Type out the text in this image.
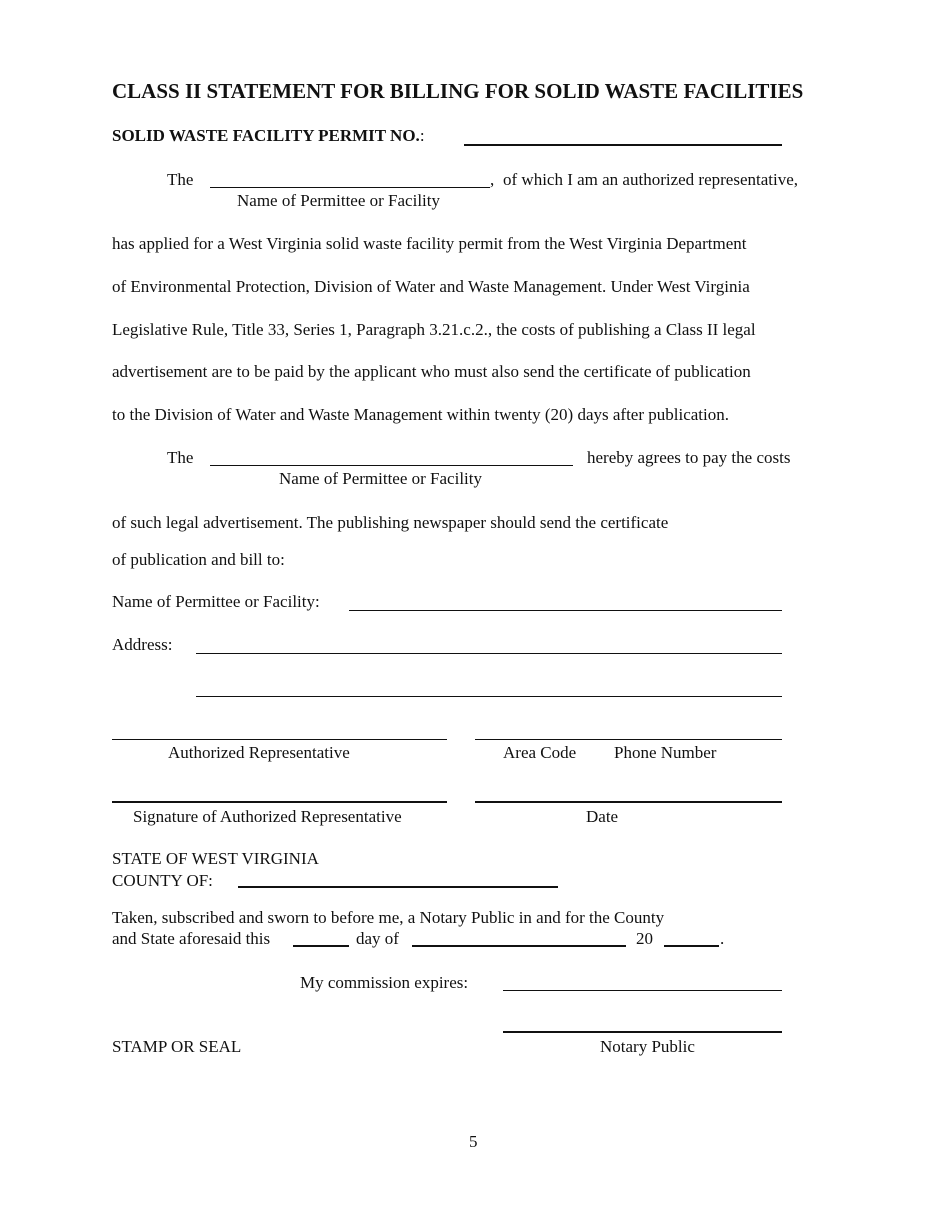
CLASS II STATEMENT FOR BILLING FOR SOLID WASTE FACILITIES
SOLID WASTE FACILITY PERMIT NO.:
The	, of which I am an authorized representative,
Name of Permittee or Facility
has applied for a West Virginia solid waste facility permit from the West Virginia Department
of Environmental Protection, Division of Water and Waste Management. Under West Virginia
Legislative Rule, Title 33, Series 1, Paragraph 3.21.c.2., the costs of publishing a Class II legal
advertisement are to be paid by the applicant who must also send the certificate of publication
to the Division of Water and Waste Management within twenty (20) days after publication.
The	hereby agrees to pay the costs
Name of Permittee or Facility
of such legal advertisement. The publishing newspaper should send the certificate
of publication and bill to:
Name of Permittee or Facility:
Address:
Authorized Representative	Area Code Phone Number
Signature of Authorized Representative	Date
STATE OF WEST VIRGINIA
COUNTY OF:
Taken, subscribed and sworn to before me, a Notary Public in and for the County
and State aforesaid this	day of	20	.
My commission expires:
STAMP OR SEAL	Notary Public
5
